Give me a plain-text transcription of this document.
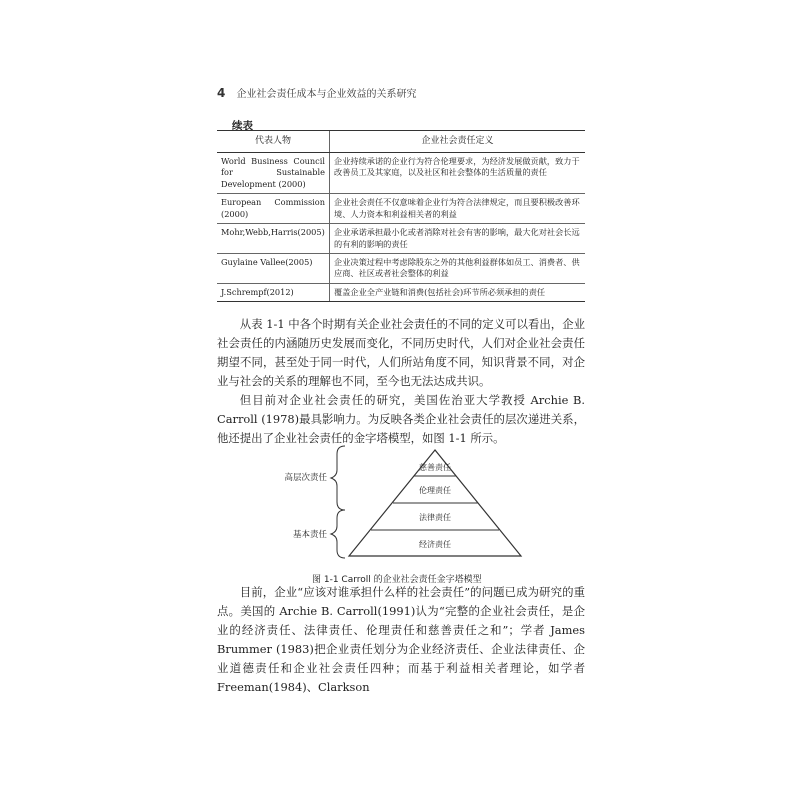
4 企业社会责任成本与企业效益的关系研究
续表
代表人物	企业社会责任定义
World Business Council for Sustainable Development (2000)	企业持续承诺的企业行为符合伦理要求，为经济发展做贡献，致力于改善员工及其家庭，以及社区和社会整体的生活质量的责任
European Commission (2000)	企业社会责任不仅意味着企业行为符合法律规定，而且要积极改善环境、人力资本和利益相关者的利益
Mohr,Webb,Harris(2005)	企业承诺承担最小化或者消除对社会有害的影响，最大化对社会长远的有利的影响的责任
Guylaine Vallee(2005)	企业决策过程中考虑除股东之外的其他利益群体如员工、消费者、供应商、社区或者社会整体的利益
J.Schrempf(2012)	覆盖企业全产业链和消费(包括社会)环节所必须承担的责任

从表 1-1 中各个时期有关企业社会责任的不同的定义可以看出，企业社会责任的内涵随历史发展而变化，不同历史时代，人们对企业社会责任期望不同，甚至处于同一时代，人们所站角度不同，知识背景不同，对企业与社会的关系的理解也不同，至今也无法达成共识。

但目前对企业社会责任的研究，美国佐治亚大学教授 Archie B. Carroll (1978)最具影响力。为反映各类企业社会责任的层次递进关系，他还提出了企业社会责任的金字塔模型，如图 1-1 所示。

高层次责任
基本责任
慈善责任
伦理责任
法律责任
经济责任
图 1-1 Carroll 的企业社会责任金字塔模型

目前，企业“应该对谁承担什么样的社会责任”的问题已成为研究的重点。美国的 Archie B. Carroll(1991)认为“完整的企业社会责任，是企业的经济责任、法律责任、伦理责任和慈善责任之和”；学者 James Brummer (1983)把企业责任划分为企业经济责任、企业法律责任、企业道德责任和企业社会责任四种；而基于利益相关者理论，如学者 Freeman(1984)、Clarkson
